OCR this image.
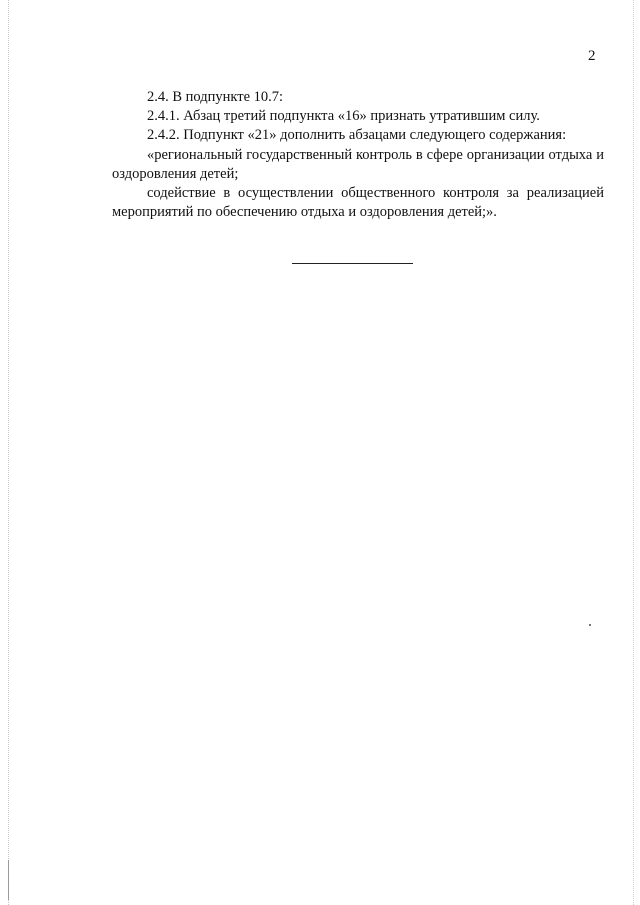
2

2.4. В подпункте 10.7:

2.4.1. Абзац третий подпункта «16» признать утратившим силу.

2.4.2. Подпункт «21» дополнить абзацами следующего содержания:

«региональный государственный контроль в сфере организации отдыха и оздоровления детей;

содействие в осуществлении общественного контроля за реализацией мероприятий по обеспечению отдыха и оздоровления детей;».
